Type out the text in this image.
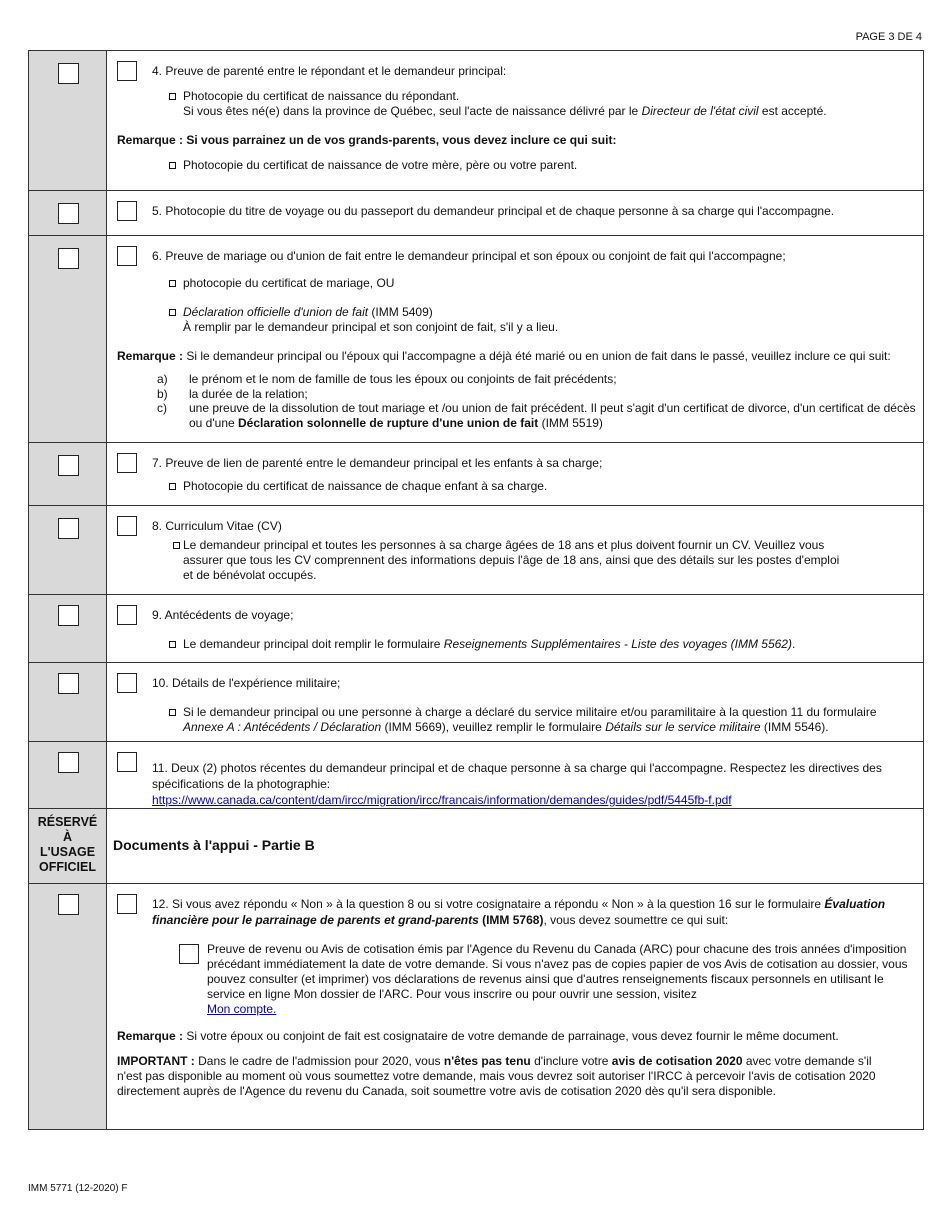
PAGE 3 DE 4
4. Preuve de parenté entre le répondant et le demandeur principal:
Photocopie du certificat de naissance du répondant.
Si vous êtes né(e) dans la province de Québec, seul l'acte de naissance délivré par le Directeur de l'état civil est accepté.
Remarque : Si vous parrainez un de vos grands-parents, vous devez inclure ce qui suit:
Photocopie du certificat de naissance de votre mère, père ou votre parent.
5. Photocopie du titre de voyage ou du passeport du demandeur principal et de chaque personne à sa charge qui l'accompagne.
6. Preuve de mariage ou d'union de fait entre le demandeur principal et son époux ou conjoint de fait qui l'accompagne;
photocopie du certificat de mariage, OU
Déclaration officielle d'union de fait (IMM 5409)
À remplir par le demandeur principal et son conjoint de fait, s'il y a lieu.
Remarque : Si le demandeur principal ou l'époux qui l'accompagne a déjà été marié ou en union de fait dans le passé, veuillez inclure ce qui suit:
a)	le prénom et le nom de famille de tous les époux ou conjoints de fait précédents;
b)	la durée de la relation;
c)	une preuve de la dissolution de tout mariage et /ou union de fait précédent. Il peut s'agit d'un certificat de divorce, d'un certificat de décès ou d'une Déclaration solonnelle de rupture d'une union de fait (IMM 5519)
7. Preuve de lien de parenté entre le demandeur principal et les enfants à sa charge;
Photocopie du certificat de naissance de chaque enfant à sa charge.
8. Curriculum Vitae (CV)
Le demandeur principal et toutes les personnes à sa charge âgées de 18 ans et plus doivent fournir un CV. Veuillez vous assurer que tous les CV comprennent des informations depuis l'âge de 18 ans, ainsi que des détails sur les postes d'emploi et de bénévolat occupés.
9. Antécédents de voyage;
Le demandeur principal doit remplir le formulaire Reseignements Supplémentaires - Liste des voyages (IMM 5562).
10. Détails de l'expérience militaire;
Si le demandeur principal ou une personne à charge a déclaré du service militaire et/ou paramilitaire à la question 11 du formulaire Annexe A : Antécédents / Déclaration (IMM 5669), veuillez remplir le formulaire Détails sur le service militaire (IMM 5546).
11. Deux (2) photos récentes du demandeur principal et de chaque personne à sa charge qui l'accompagne. Respectez les directives des spécifications de la photographie:
https://www.canada.ca/content/dam/ircc/migration/ircc/francais/information/demandes/guides/pdf/5445fb-f.pdf
RÉSERVÉ
À
L'USAGE
OFFICIEL
Documents à l'appui - Partie B
12. Si vous avez répondu « Non » à la question 8 ou si votre cosignataire a répondu « Non » à la question 16 sur le formulaire Évaluation financière pour le parrainage de parents et grand-parents (IMM 5768), vous devez soumettre ce qui suit:
Preuve de revenu ou Avis de cotisation émis par l'Agence du Revenu du Canada (ARC) pour chacune des trois années d'imposition précédant immédiatement la date de votre demande. Si vous n'avez pas de copies papier de vos Avis de cotisation au dossier, vous pouvez consulter (et imprimer) vos déclarations de revenus ainsi que d'autres renseignements fiscaux personnels en utilisant le service en ligne Mon dossier de l'ARC. Pour vous inscrire ou pour ouvrir une session, visitez
Mon compte.
Remarque : Si votre époux ou conjoint de fait est cosignataire de votre demande de parrainage, vous devez fournir le même document.
IMPORTANT : Dans le cadre de l'admission pour 2020, vous n'êtes pas tenu d'inclure votre avis de cotisation 2020 avec votre demande s'il n'est pas disponible au moment où vous soumettez votre demande, mais vous devrez soit autoriser l'IRCC à percevoir l'avis de cotisation 2020 directement auprès de l'Agence du revenu du Canada, soit soumettre votre avis de cotisation 2020 dès qu'il sera disponible.
IMM 5771 (12-2020) F
